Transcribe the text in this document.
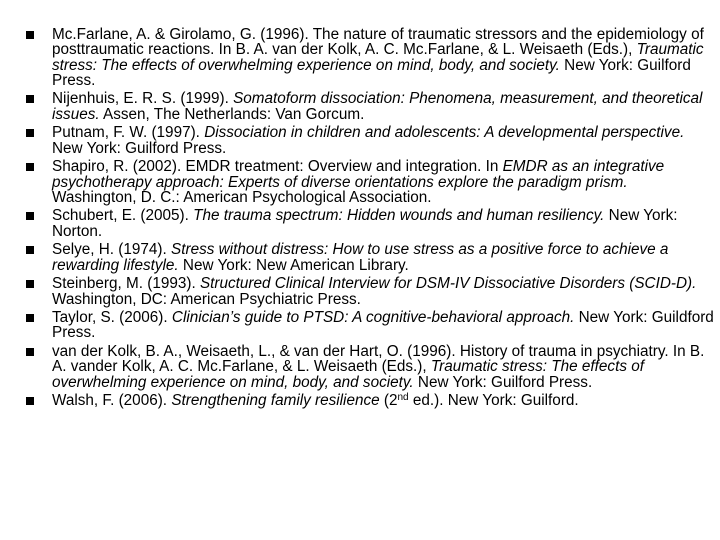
Mc.Farlane, A. & Girolamo, G. (1996). The nature of traumatic stressors and the epidemiology of posttraumatic reactions. In B. A. van der Kolk, A. C. Mc.Farlane, & L. Weisaeth (Eds.), Traumatic stress: The effects of overwhelming experience on mind, body, and society. New York: Guilford Press.
Nijenhuis, E. R. S. (1999). Somatoform dissociation: Phenomena, measurement, and theoretical issues. Assen, The Netherlands: Van Gorcum.
Putnam, F. W. (1997). Dissociation in children and adolescents: A developmental perspective. New York: Guilford Press.
Shapiro, R. (2002). EMDR treatment: Overview and integration. In EMDR as an integrative psychotherapy approach: Experts of diverse orientations explore the paradigm prism. Washington, D. C.: American Psychological Association.
Schubert, E. (2005). The trauma spectrum: Hidden wounds and human resiliency. New York: Norton.
Selye, H. (1974). Stress without distress: How to use stress as a positive force to achieve a rewarding lifestyle. New York: New American Library.
Steinberg, M. (1993). Structured Clinical Interview for DSM-IV Dissociative Disorders (SCID-D). Washington, DC: American Psychiatric Press.
Taylor, S. (2006). Clinician’s guide to PTSD: A cognitive-behavioral approach. New York: Guildford Press.
van der Kolk, B. A., Weisaeth, L., & van der Hart, O. (1996). History of trauma in psychiatry. In B. A. vander Kolk, A. C. Mc.Farlane, & L. Weisaeth (Eds.), Traumatic stress: The effects of overwhelming experience on mind, body, and society. New York: Guilford Press.
Walsh, F. (2006). Strengthening family resilience (2nd ed.). New York: Guilford.
